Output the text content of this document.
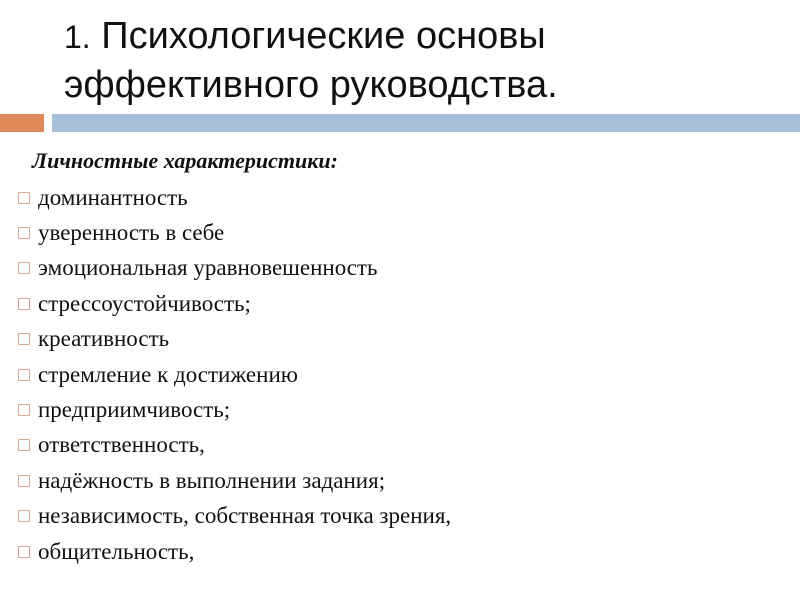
1. Психологические основы
эффективного руководства.

Личностные характеристики:

доминантность
уверенность в себе
эмоциональная уравновешенность
стрессоустойчивость;
креативность
стремление к достижению
предприимчивость;
ответственность,
надёжность в выполнении задания;
независимость, собственная точка зрения,
общительность,
